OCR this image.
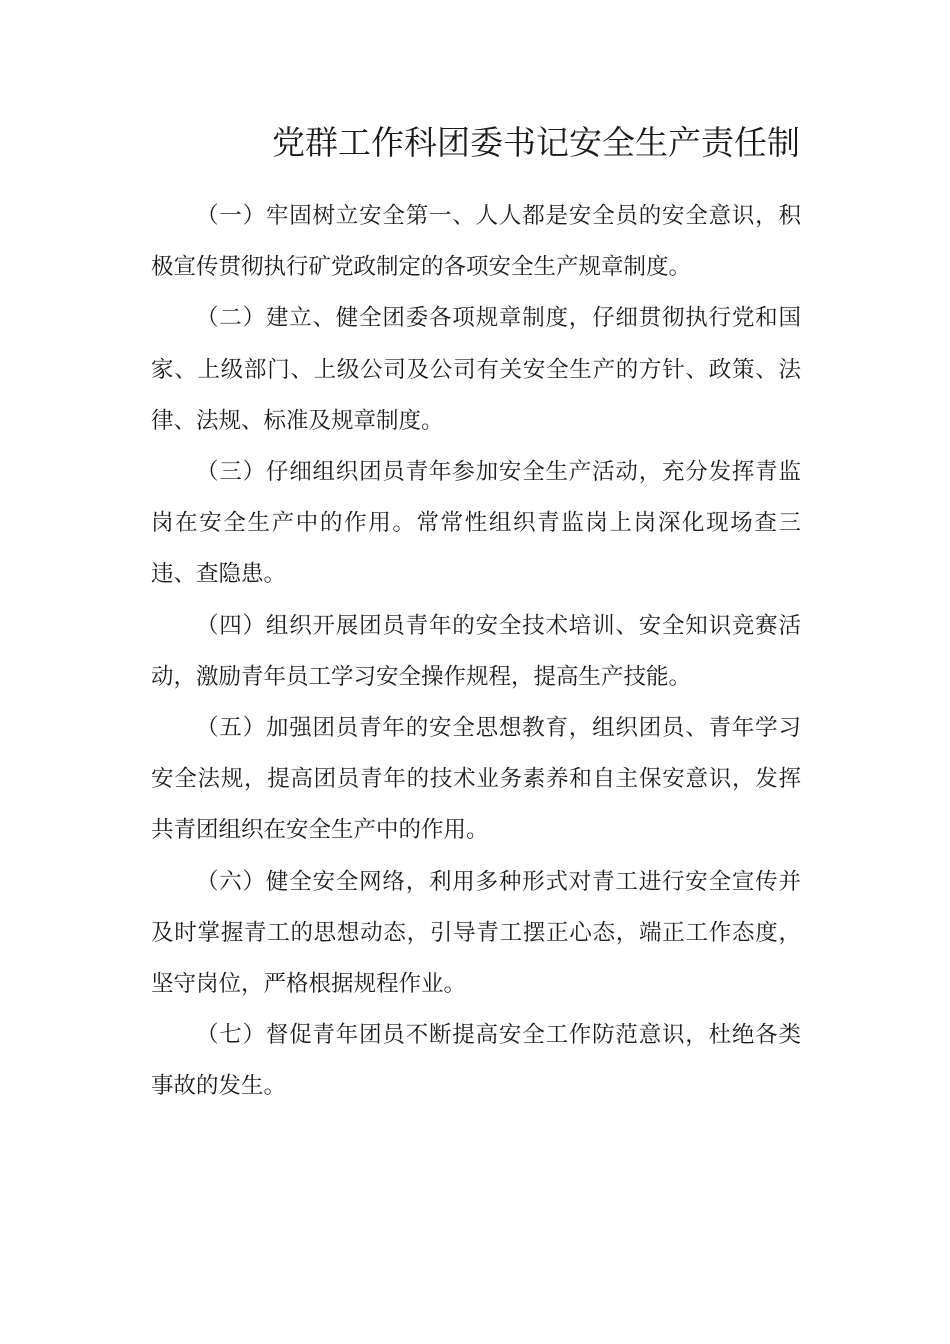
党群工作科团委书记安全生产责任制

（一）牢固树立安全第一、人人都是安全员的安全意识，积极宣传贯彻执行矿党政制定的各项安全生产规章制度。

（二）建立、健全团委各项规章制度，仔细贯彻执行党和国家、上级部门、上级公司及公司有关安全生产的方针、政策、法律、法规、标准及规章制度。

（三）仔细组织团员青年参加安全生产活动，充分发挥青监岗在安全生产中的作用。常常性组织青监岗上岗深化现场查三违、查隐患。

（四）组织开展团员青年的安全技术培训、安全知识竞赛活动，激励青年员工学习安全操作规程，提高生产技能。

（五）加强团员青年的安全思想教育，组织团员、青年学习安全法规，提高团员青年的技术业务素养和自主保安意识，发挥共青团组织在安全生产中的作用。

（六）健全安全网络，利用多种形式对青工进行安全宣传并及时掌握青工的思想动态，引导青工摆正心态，端正工作态度，坚守岗位，严格根据规程作业。

（七）督促青年团员不断提高安全工作防范意识，杜绝各类事故的发生。
